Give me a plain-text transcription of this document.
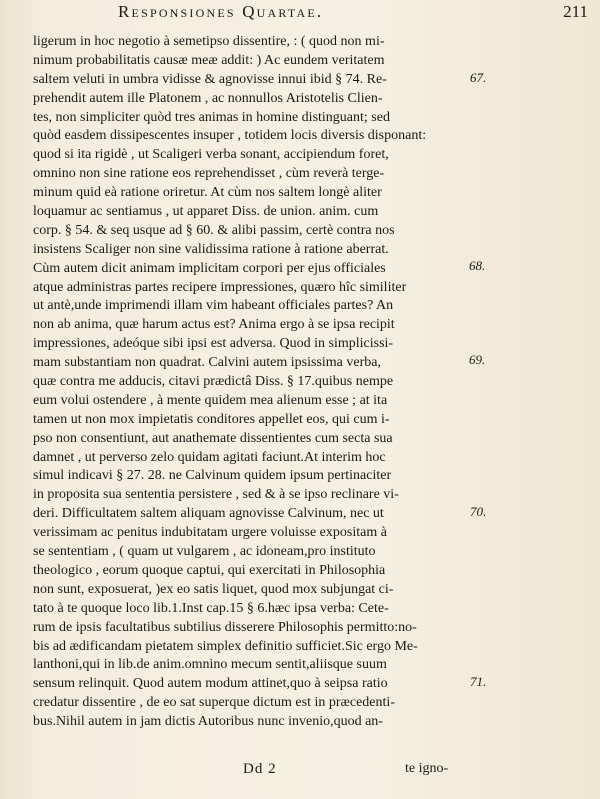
Responsiones Quartae.	211
ligerum in hoc negotio à semetipso dissentire, : ( quod non mi-
nimum probabilitatis causæ meæ addit: ) Ac eundem veritatem
saltem veluti in umbra vidisse & agnovisse innui ibid § 74. Re-
prehendit autem ille Platonem , ac nonnullos Aristotelis Clien-
tes, non simpliciter quòd tres animas in homine distinguant; sed
quòd easdem dissipescentes insuper , totidem locis diversis disponant:
quod si ita rigidè , ut Scaligeri verba sonant, accipiendum foret,
omnino non sine ratione eos reprehendisset , cùm reverà terge-
minum quid eà ratione oriretur. At cùm nos saltem longè aliter
loquamur ac sentiamus , ut apparet Diss. de union. anim. cum
corp. § 54. & seq usque ad § 60. & alibi passim, certè contra nos
insistens Scaliger non sine validissima ratione à ratione aberrat.
Cùm autem dicit animam implicitam corpori per ejus officiales
atque administras partes recipere impressiones, quæro hîc similiter
ut antè,unde imprimendi illam vim habeant officiales partes? An
non ab anima, quæ harum actus est? Anima ergo à se ipsa recipit
impressiones, adeóque sibi ipsi est adversa. Quod in simplicissi-
mam substantiam non quadrat. Calvini autem ipsissima verba,
quæ contra me adducis, citavi prædictâ Diss. § 17.quibus nempe
eum volui ostendere , à mente quidem mea alienum esse ; at ita
tamen ut non mox impietatis conditores appellet eos, qui cum i-
pso non consentiunt, aut anathemate dissentientes cum secta sua
damnet , ut perverso zelo quidam agitati faciunt.At interim hoc
simul indicavi § 27. 28. ne Calvinum quidem ipsum pertinaciter
in proposita sua sententia persistere , sed & à se ipso reclinare vi-
deri. Difficultatem saltem aliquam agnovisse Calvinum, nec ut
verissimam ac penitus indubitatam urgere voluisse expositam à
se sententiam , ( quam ut vulgarem , ac idoneam,pro instituto
theologico , eorum quoque captui, qui exercitati in Philosophia
non sunt, exposuerat, )ex eo satis liquet, quod mox subjungat ci-
tato à te quoque loco lib.1.Inst cap.15 § 6.hæc ipsa verba: Cete-
rum de ipsis facultatibus subtilius disserere Philosophis permitto:no-
bis ad ædificandam pietatem simplex definitio sufficiet.Sic ergo Me-
lanthoni,qui in lib.de anim.omnino mecum sentit,aliisque suum
sensum relinquit. Quod autem modum attinet,quo à seipsa ratio
credatur dissentire , de eo sat superque dictum est in præcedenti-
bus.Nihil autem in jam dictis Autoribus nunc invenio,quod an-
67.
68.
69.
70.
71.
Dd 2	te igno-
